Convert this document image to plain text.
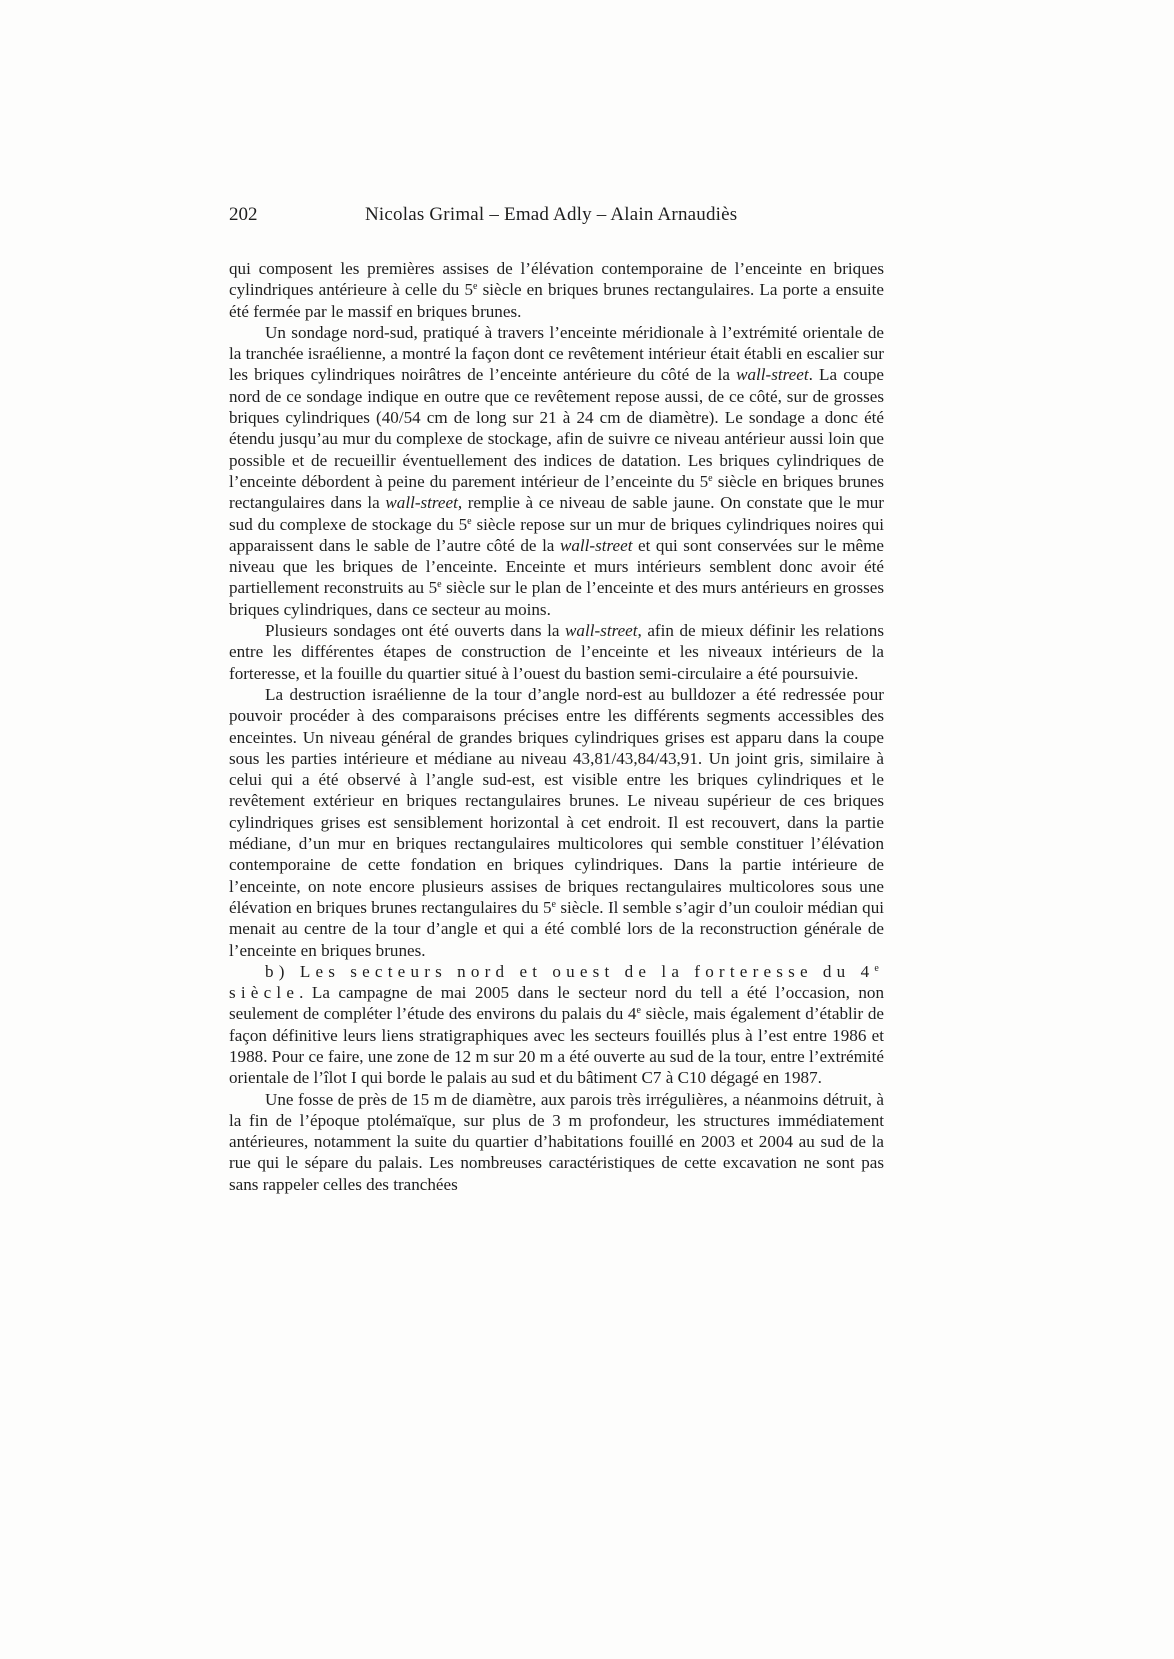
202	Nicolas Grimal – Emad Adly – Alain Arnaudiès

qui composent les premières assises de l’élévation contemporaine de l’enceinte en briques cylindriques antérieure à celle du 5e siècle en briques brunes rectangulaires. La porte a ensuite été fermée par le massif en briques brunes.

Un sondage nord-sud, pratiqué à travers l’enceinte méridionale à l’extrémité orientale de la tranchée israélienne, a montré la façon dont ce revêtement intérieur était établi en escalier sur les briques cylindriques noirâtres de l’enceinte antérieure du côté de la wall-street. La coupe nord de ce sondage indique en outre que ce revêtement repose aussi, de ce côté, sur de grosses briques cylindriques (40/54 cm de long sur 21 à 24 cm de diamètre). Le sondage a donc été étendu jusqu’au mur du complexe de stockage, afin de suivre ce niveau antérieur aussi loin que possible et de recueillir éventuellement des indices de datation. Les briques cylindriques de l’enceinte débordent à peine du parement intérieur de l’enceinte du 5e siècle en briques brunes rectangulaires dans la wall-street, remplie à ce niveau de sable jaune. On constate que le mur sud du complexe de stockage du 5e siècle repose sur un mur de briques cylindriques noires qui apparaissent dans le sable de l’autre côté de la wall-street et qui sont conservées sur le même niveau que les briques de l’enceinte. Enceinte et murs intérieurs semblent donc avoir été partiellement reconstruits au 5e siècle sur le plan de l’enceinte et des murs antérieurs en grosses briques cylindriques, dans ce secteur au moins.

Plusieurs sondages ont été ouverts dans la wall-street, afin de mieux définir les relations entre les différentes étapes de construction de l’enceinte et les niveaux intérieurs de la forteresse, et la fouille du quartier situé à l’ouest du bastion semi-circulaire a été poursuivie.

La destruction israélienne de la tour d’angle nord-est au bulldozer a été redressée pour pouvoir procéder à des comparaisons précises entre les différents segments accessibles des enceintes. Un niveau général de grandes briques cylindriques grises est apparu dans la coupe sous les parties intérieure et médiane au niveau 43,81/43,84/43,91. Un joint gris, similaire à celui qui a été observé à l’angle sud-est, est visible entre les briques cylindriques et le revêtement extérieur en briques rectangulaires brunes. Le niveau supérieur de ces briques cylindriques grises est sensiblement horizontal à cet endroit. Il est recouvert, dans la partie médiane, d’un mur en briques rectangulaires multicolores qui semble constituer l’élévation contemporaine de cette fondation en briques cylindriques. Dans la partie intérieure de l’enceinte, on note encore plusieurs assises de briques rectangulaires multicolores sous une élévation en briques brunes rectangulaires du 5e siècle. Il semble s’agir d’un couloir médian qui menait au centre de la tour d’angle et qui a été comblé lors de la reconstruction générale de l’enceinte en briques brunes.

b) Les secteurs nord et ouest de la forteresse du 4e siècle. La campagne de mai 2005 dans le secteur nord du tell a été l’occasion, non seulement de compléter l’étude des environs du palais du 4e siècle, mais également d’établir de façon définitive leurs liens stratigraphiques avec les secteurs fouillés plus à l’est entre 1986 et 1988. Pour ce faire, une zone de 12 m sur 20 m a été ouverte au sud de la tour, entre l’extrémité orientale de l’îlot I qui borde le palais au sud et du bâtiment C7 à C10 dégagé en 1987.

Une fosse de près de 15 m de diamètre, aux parois très irrégulières, a néanmoins détruit, à la fin de l’époque ptolémaïque, sur plus de 3 m profondeur, les structures immédiatement antérieures, notamment la suite du quartier d’habitations fouillé en 2003 et 2004 au sud de la rue qui le sépare du palais. Les nombreuses caractéristiques de cette excavation ne sont pas sans rappeler celles des tranchées
